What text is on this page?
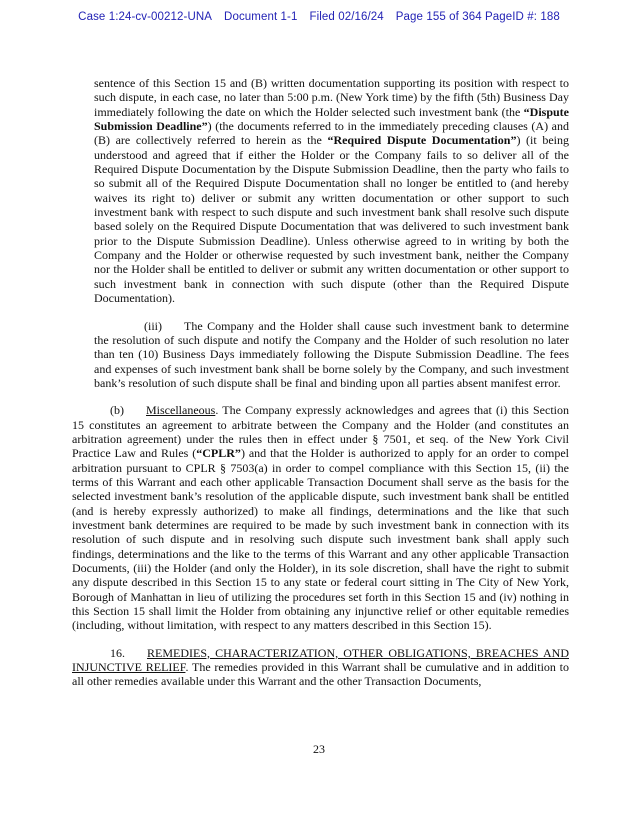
Case 1:24-cv-00212-UNA Document 1-1 Filed 02/16/24 Page 155 of 364 PageID #: 188

sentence of this Section 15 and (B) written documentation supporting its position with respect to such dispute, in each case, no later than 5:00 p.m. (New York time) by the fifth (5th) Business Day immediately following the date on which the Holder selected such investment bank (the “Dispute Submission Deadline”) (the documents referred to in the immediately preceding clauses (A) and (B) are collectively referred to herein as the “Required Dispute Documentation”) (it being understood and agreed that if either the Holder or the Company fails to so deliver all of the Required Dispute Documentation by the Dispute Submission Deadline, then the party who fails to so submit all of the Required Dispute Documentation shall no longer be entitled to (and hereby waives its right to) deliver or submit any written documentation or other support to such investment bank with respect to such dispute and such investment bank shall resolve such dispute based solely on the Required Dispute Documentation that was delivered to such investment bank prior to the Dispute Submission Deadline). Unless otherwise agreed to in writing by both the Company and the Holder or otherwise requested by such investment bank, neither the Company nor the Holder shall be entitled to deliver or submit any written documentation or other support to such investment bank in connection with such dispute (other than the Required Dispute Documentation).

(iii) The Company and the Holder shall cause such investment bank to determine the resolution of such dispute and notify the Company and the Holder of such resolution no later than ten (10) Business Days immediately following the Dispute Submission Deadline. The fees and expenses of such investment bank shall be borne solely by the Company, and such investment bank’s resolution of such dispute shall be final and binding upon all parties absent manifest error.

(b) Miscellaneous. The Company expressly acknowledges and agrees that (i) this Section 15 constitutes an agreement to arbitrate between the Company and the Holder (and constitutes an arbitration agreement) under the rules then in effect under § 7501, et seq. of the New York Civil Practice Law and Rules (“CPLR”) and that the Holder is authorized to apply for an order to compel arbitration pursuant to CPLR § 7503(a) in order to compel compliance with this Section 15, (ii) the terms of this Warrant and each other applicable Transaction Document shall serve as the basis for the selected investment bank’s resolution of the applicable dispute, such investment bank shall be entitled (and is hereby expressly authorized) to make all findings, determinations and the like that such investment bank determines are required to be made by such investment bank in connection with its resolution of such dispute and in resolving such dispute such investment bank shall apply such findings, determinations and the like to the terms of this Warrant and any other applicable Transaction Documents, (iii) the Holder (and only the Holder), in its sole discretion, shall have the right to submit any dispute described in this Section 15 to any state or federal court sitting in The City of New York, Borough of Manhattan in lieu of utilizing the procedures set forth in this Section 15 and (iv) nothing in this Section 15 shall limit the Holder from obtaining any injunctive relief or other equitable remedies (including, without limitation, with respect to any matters described in this Section 15).

16. REMEDIES, CHARACTERIZATION, OTHER OBLIGATIONS, BREACHES AND INJUNCTIVE RELIEF. The remedies provided in this Warrant shall be cumulative and in addition to all other remedies available under this Warrant and the other Transaction Documents,

23
